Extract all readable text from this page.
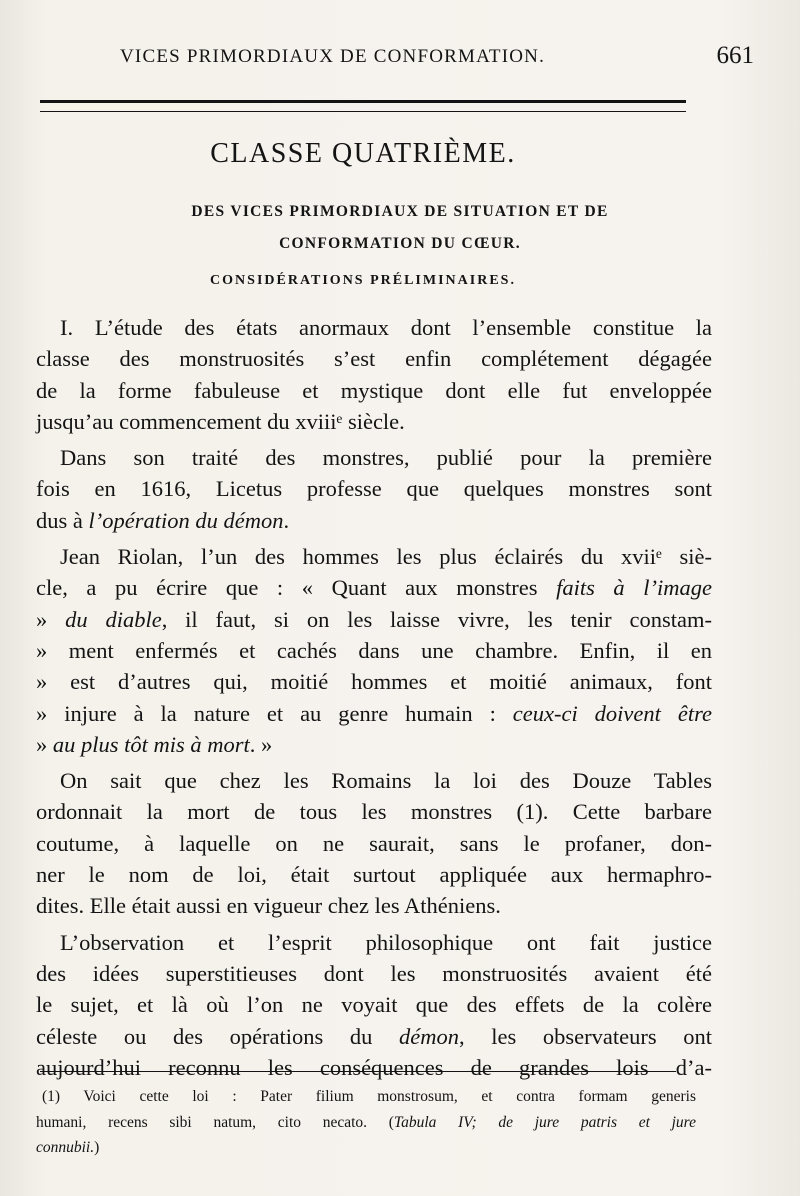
VICES PRIMORDIAUX DE CONFORMATION.	661
CLASSE QUATRIÈME.
DES VICES PRIMORDIAUX DE SITUATION ET DE
CONFORMATION DU CŒUR.
CONSIDÉRATIONS PRÉLIMINAIRES.
I. L’étude des états anormaux dont l’ensemble constitue la
classe des monstruosités s’est enfin complétement dégagée
de la forme fabuleuse et mystique dont elle fut enveloppée
jusqu’au commencement du xviiiᵉ siècle.
Dans son traité des monstres, publié pour la première
fois en 1616, Licetus professe que quelques monstres sont
dus à l’opération du démon.
Jean Riolan, l’un des hommes les plus éclairés du xviiᵉ siè-
cle, a pu écrire que : « Quant aux monstres faits à l’image
» du diable, il faut, si on les laisse vivre, les tenir constam-
» ment enfermés et cachés dans une chambre. Enfin, il en
» est d’autres qui, moitié hommes et moitié animaux, font
» injure à la nature et au genre humain : ceux-ci doivent être
» au plus tôt mis à mort. »
On sait que chez les Romains la loi des Douze Tables
ordonnait la mort de tous les monstres (1). Cette barbare
coutume, à laquelle on ne saurait, sans le profaner, don-
ner le nom de loi, était surtout appliquée aux hermaphro-
dites. Elle était aussi en vigueur chez les Athéniens.
L’observation et l’esprit philosophique ont fait justice
des idées superstitieuses dont les monstruosités avaient été
le sujet, et là où l’on ne voyait que des effets de la colère
céleste ou des opérations du démon, les observateurs ont
aujourd’hui reconnu les conséquences de grandes lois d’a-
(1) Voici cette loi : Pater filium monstrosum, et contra formam generis
humani, recens sibi natum, cito necato. (Tabula IV; de jure patris et jure
connubii.)
